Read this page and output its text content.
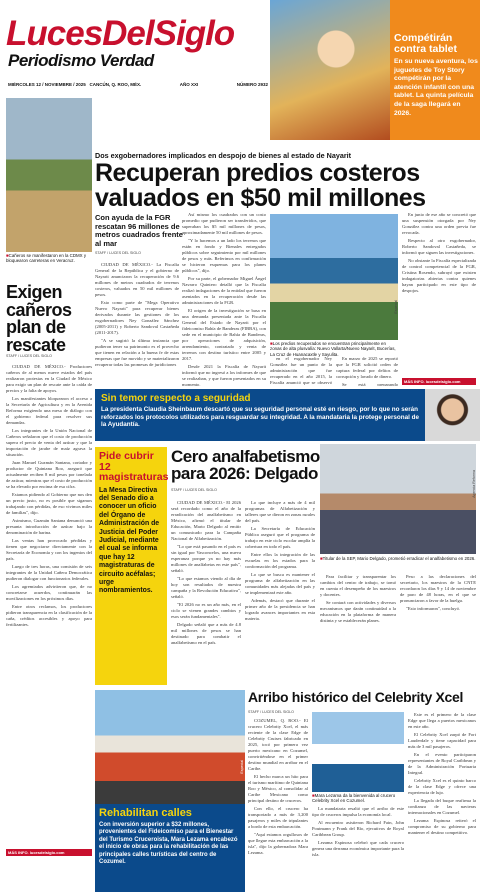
LucesDelSiglo
Periodismo Verdad
MIÉRCOLES 12 / NOVIEMBRE / 2025 CANCÚN, Q. ROO, MÉX.	AÑO XXI	NÚMERO 2932
Compétirán contra tablet
En su nueva aventura, los juguetes de Toy Story compétirán por la atención infantil con una tablet. La quinta película de la saga llegará en 2026.
Dos exgobernadores implicados en despojo de bienes al estado de Nayarit
Recuperan predios costeros valuados en $50 mil millones
■Cañeros se manifestaron en la CDMX y bloquearon carreteras en Veracruz.
Exigen cañeros plan de rescate
STAFF / LUCES DEL SIGLO

CIUDAD DE MÉXICO.- Productores cañeros de al menos nueve estados del país realizaron protestas en la Ciudad de México para exigir un plan de rescate ante la caída de precios y la falta de apoyos.

Los manifestantes bloquearon el acceso a la Secretaría de Agricultura y en la Avenida Reforma exigiendo una mesa de diálogo con el gobierno federal para resolver sus demandas.

Los integrantes de la Unión Nacional de Cañeros señalaron que el costo de producción supera el precio de venta del azúcar y que la importación de jarabe de maíz agrava la situación.

Juan Manuel Guzmán Santana, cortador y productor de Quintana Roo, aseguró que actualmente reciben 8 mil pesos por tonelada de azúcar, mientras que el costo de producción se ha elevado por encima de esa cifra.

Estamos pidiendo al Gobierno que nos den un precio justo, no es posible que sigamos trabajando con pérdidas, de eso vivimos miles de familias", dijo.

Asimismo, Guzmán Santana denunció una presunta introducción de azúcar bajo la denominación de harina.

Las ventas han provocado pérdidas y tienen que negociarse directamente con la Secretaría de Economía y con los ingenios del país.

Luego de tres horas, una comisión de seis integrantes de la Unidad Cañera Democrática pudieron dialogar con funcionarios federales.

Los agremiados advirtieron que, de no concretarse acuerdos, continuarán las movilizaciones en los próximos días.

Entre otros reclamos, los productores pidieron transparencia en la clasificación de la caña, créditos accesibles y apoyo para fertilizantes.

MÁS INFO. lucesdelsiglo.com
Con ayuda de la FGR rescatan 96 millones de metros cuadrados frente al mar
STAFF / LUCES DEL SIGLO

CIUDAD DE MÉXICO.- La Fiscalía General de la República y el gobierno de Nayarit anunciaron la recuperación de 9.6 millones de metros cuadrados de terrenos costeros, valuados en 50 mil millones de pesos.

Esto como parte de "Mega Operativo Nuevo Nayarit" para recuperar bienes derivados durante las gestiones de los exgobernadores Ney González Sánchez (2005-2011) y Roberto Sandoval Castañeda (2011-2017).

"A se sugirió la última instancia que pudieron tener su patrimonio es el provecho que tienen en relación a la buena fe de estas empresas que fue movido y se materializaron recuperar todas las promesas de juridiciones

Así mismo los cuadrados con un costo promedio que pudieron ser transferidos, que superaban los $5 mil millones de pesos, aproximadamente 50 mil millones de pesos.

"Y lo hacemos a un lado los terrenos que están en fondo y Bienales entregados públicos sobre seguimiento por mil millones de pesos y más. Referimos en confirmación se hicieron esquemas para los planes públicos", dijo.

Por su parte, el gobernador Miguel Ángel Navarro Quintero detalló que la Fiscalía realizó indagaciones de la entidad que fueron asentados en la recuperación desde las administraciones de la FGR.

El origen de la investigación se basa en una demanda presentada ante la Fiscalía General del Estado de Nayarit por el fideicomiso Bahía de Banderas (FIBBA), con sede en el municipio de Bahía de Banderas, por operaciones de adquisición, arrendamiento, contratado y venta de terrenos con destino turístico entre 2005 y 2017.

Desde 2021 la Fiscalía de Nayarit informó que no ingresó a los informes de que se realizaban, y que fueron presentados en su momento.

Especial
■Los predios recuperados se encuentran principalmente en zonas de alta plusvalía: Nuevo Vallarta/Nuevo Nayarit, Bucerías, La Cruz de Huanacaxtle y Sayulita.

en el exgobernador Ney González fue un punto de la administración que fue recuperado en el año 2015, la Fiscalía anunció que se observó

En marzo de 2025 se reportó que la FGR solicitó orden de captura federal por delitos de corrupción y lavado de dinero.

Se está preparando

En junio de ese año se concretó que una suspensión otorgada por Ney González contra una orden previa fue revocada.

Respecto al otro exgobernador, Roberto Sandoval Castañeda, se informó que siguen las investigaciones.

No obstante la Fiscalía especializada de control competencial de la FGR, Cristina Rosendo, subrayó que existen indagatorias abiertas contra quienes hayan participado en este tipo de despojos.

MÁS INFO. lucesdelsiglo.com
Sin temor respecto a seguridad
La presidenta Claudia Sheinbaum descartó que su seguridad personal esté en riesgo, por lo que no serán reforzados los protocolos utilizados para resguardar su integridad. A la mandataria la protege personal de la Ayudantía.
Pide cubrir 12 magistraturas
La Mesa Directiva del Senado dio a conocer un oficio del Órgano de Administración de Justicia del Poder Judicial, mediante el cual se informa que hay 12 magistraturas de circuito acéfalas; urge nombramientos.
Cero analfabetismo para 2026: Delgado
STAFF / LUCES DEL SIGLO

CIUDAD DE MÉXICO.- El 2026 será recordado como el año de la erradicación del analfabetismo en México, afirmó el titular de Educación, Mario Delgado al emitir un comunicado para la Campaña Nacional de Alfabetización.

"Lo que está pasando en el país es sin igual por Vasconcelos, una nueva esperanza porque ya no hay más millones de analfabetas en este país", señaló.

"Lo que estamos viendo al día de hoy son resultados de nuestra campaña y la Revolución Educativa", señaló.

"El 2026 no es un año más, en el ciclo se vienen grandes cambios y esos serán fundamentales".

Delgado señaló que a más de 4.8 mil millones de pesos se han destinado para combatir el analfabetismo en el país.

Lo que incluye a más de 4 mil programas de Alfabetización y talleres que se dieron en zonas rurales del país.

La Secretaría de Educación Pública aseguró que el programa de trabajo en este ciclo escolar amplía la cobertura en todo el país.

Entre ellos la integración de las escuelas en los estados para la conformación del programa.

Lo que se busca es mantener el programa de alfabetización en las comunidades más alejadas del país y se implementará este año.

Además, destacó que durante el primer año de la presidencia se han logrado avances importantes en esta materia.

Agencia Reforma
■Titular de la SEP, Mario Delgado, prometió erradicar el analfabetismo en 2026.

Para facilitar y transparentar los cambios del centro de trabajo, se tomó en cuenta el desempeño de los maestros y docentes.

Se contará con actividades y diversos mecanismos que darán continuidad a la educación en la plataforma de manera distinta y se establecerán planes.

Peso a las declaraciones del secretario, los maestros de la CNTE recordaron los días 9 y 14 de noviembre de paro de 48 horas, en el que se pronunciaron a favor de la huelga.

"Esto informaron", concluyó.

Arribo histórico del Celebrity Xcel
STAFF / LUCES DEL SIGLO

COZUMEL, Q. ROO.- El crucero Celebrity Xcel, el más reciente de la clase Edge de Celebrity Cruises fabricado en 2025, tocó por primera vez puerto mexicano en Cozumel, convirtiéndose en el primer destino mundial en arribar en el Caribe.

El hecho marca un hito para el turismo marítimo de Quintana Roo y México, al consolidar al Caribe Mexicano como principal destino de cruceros.

Con ello, el crucero ha transportado a más de 3,200 pasajeros y miles de tripulantes a bordo de esta embarcación.

"Aquí estamos orgullosos de que llegue esta embarcación a la isla", dijo la gobernadora Mara Lezama.

■Mara Lezama da la bienvenida al crucero Celebrity Xcel en Cozumel.

La mandataria resaltó que el arribo de este tipo de cruceros impulsa la economía local.

Al encuentro asistieron Richard Fain, John Poutmann y Frank del Río, ejecutivos de Royal Caribbean Group.

Lezama Espinosa celebró que cada crucero genera una derrama económica importante para la isla.

Este es el primero de la clase Edge que llega a puertos mexicanos en este año.

El Celebrity Xcel zarpó de Fort Lauderdale y tiene capacidad para más de 3 mil pasajeros.

En el evento participaron representantes de Royal Caribbean y de la Administración Portuaria Integral.

Celebrity Xcel es el quinto barco de la clase Edge y ofrece una experiencia de lujo.

La llegada del buque reafirma la confianza de las navieras internacionales en Cozumel.

Lezama Espinosa reiteró el compromiso de su gobierno para mantener el destino competitivo.

Especial
Rehabilitan calles
Con inversión superior a $32 millones, provenientes del Fideicomiso para el Bienestar del Turismo Cruceroista, Mara Lezama encabezó el inicio de obras para la rehabilitación de las principales calles turísticas del centro de Cozumel.
